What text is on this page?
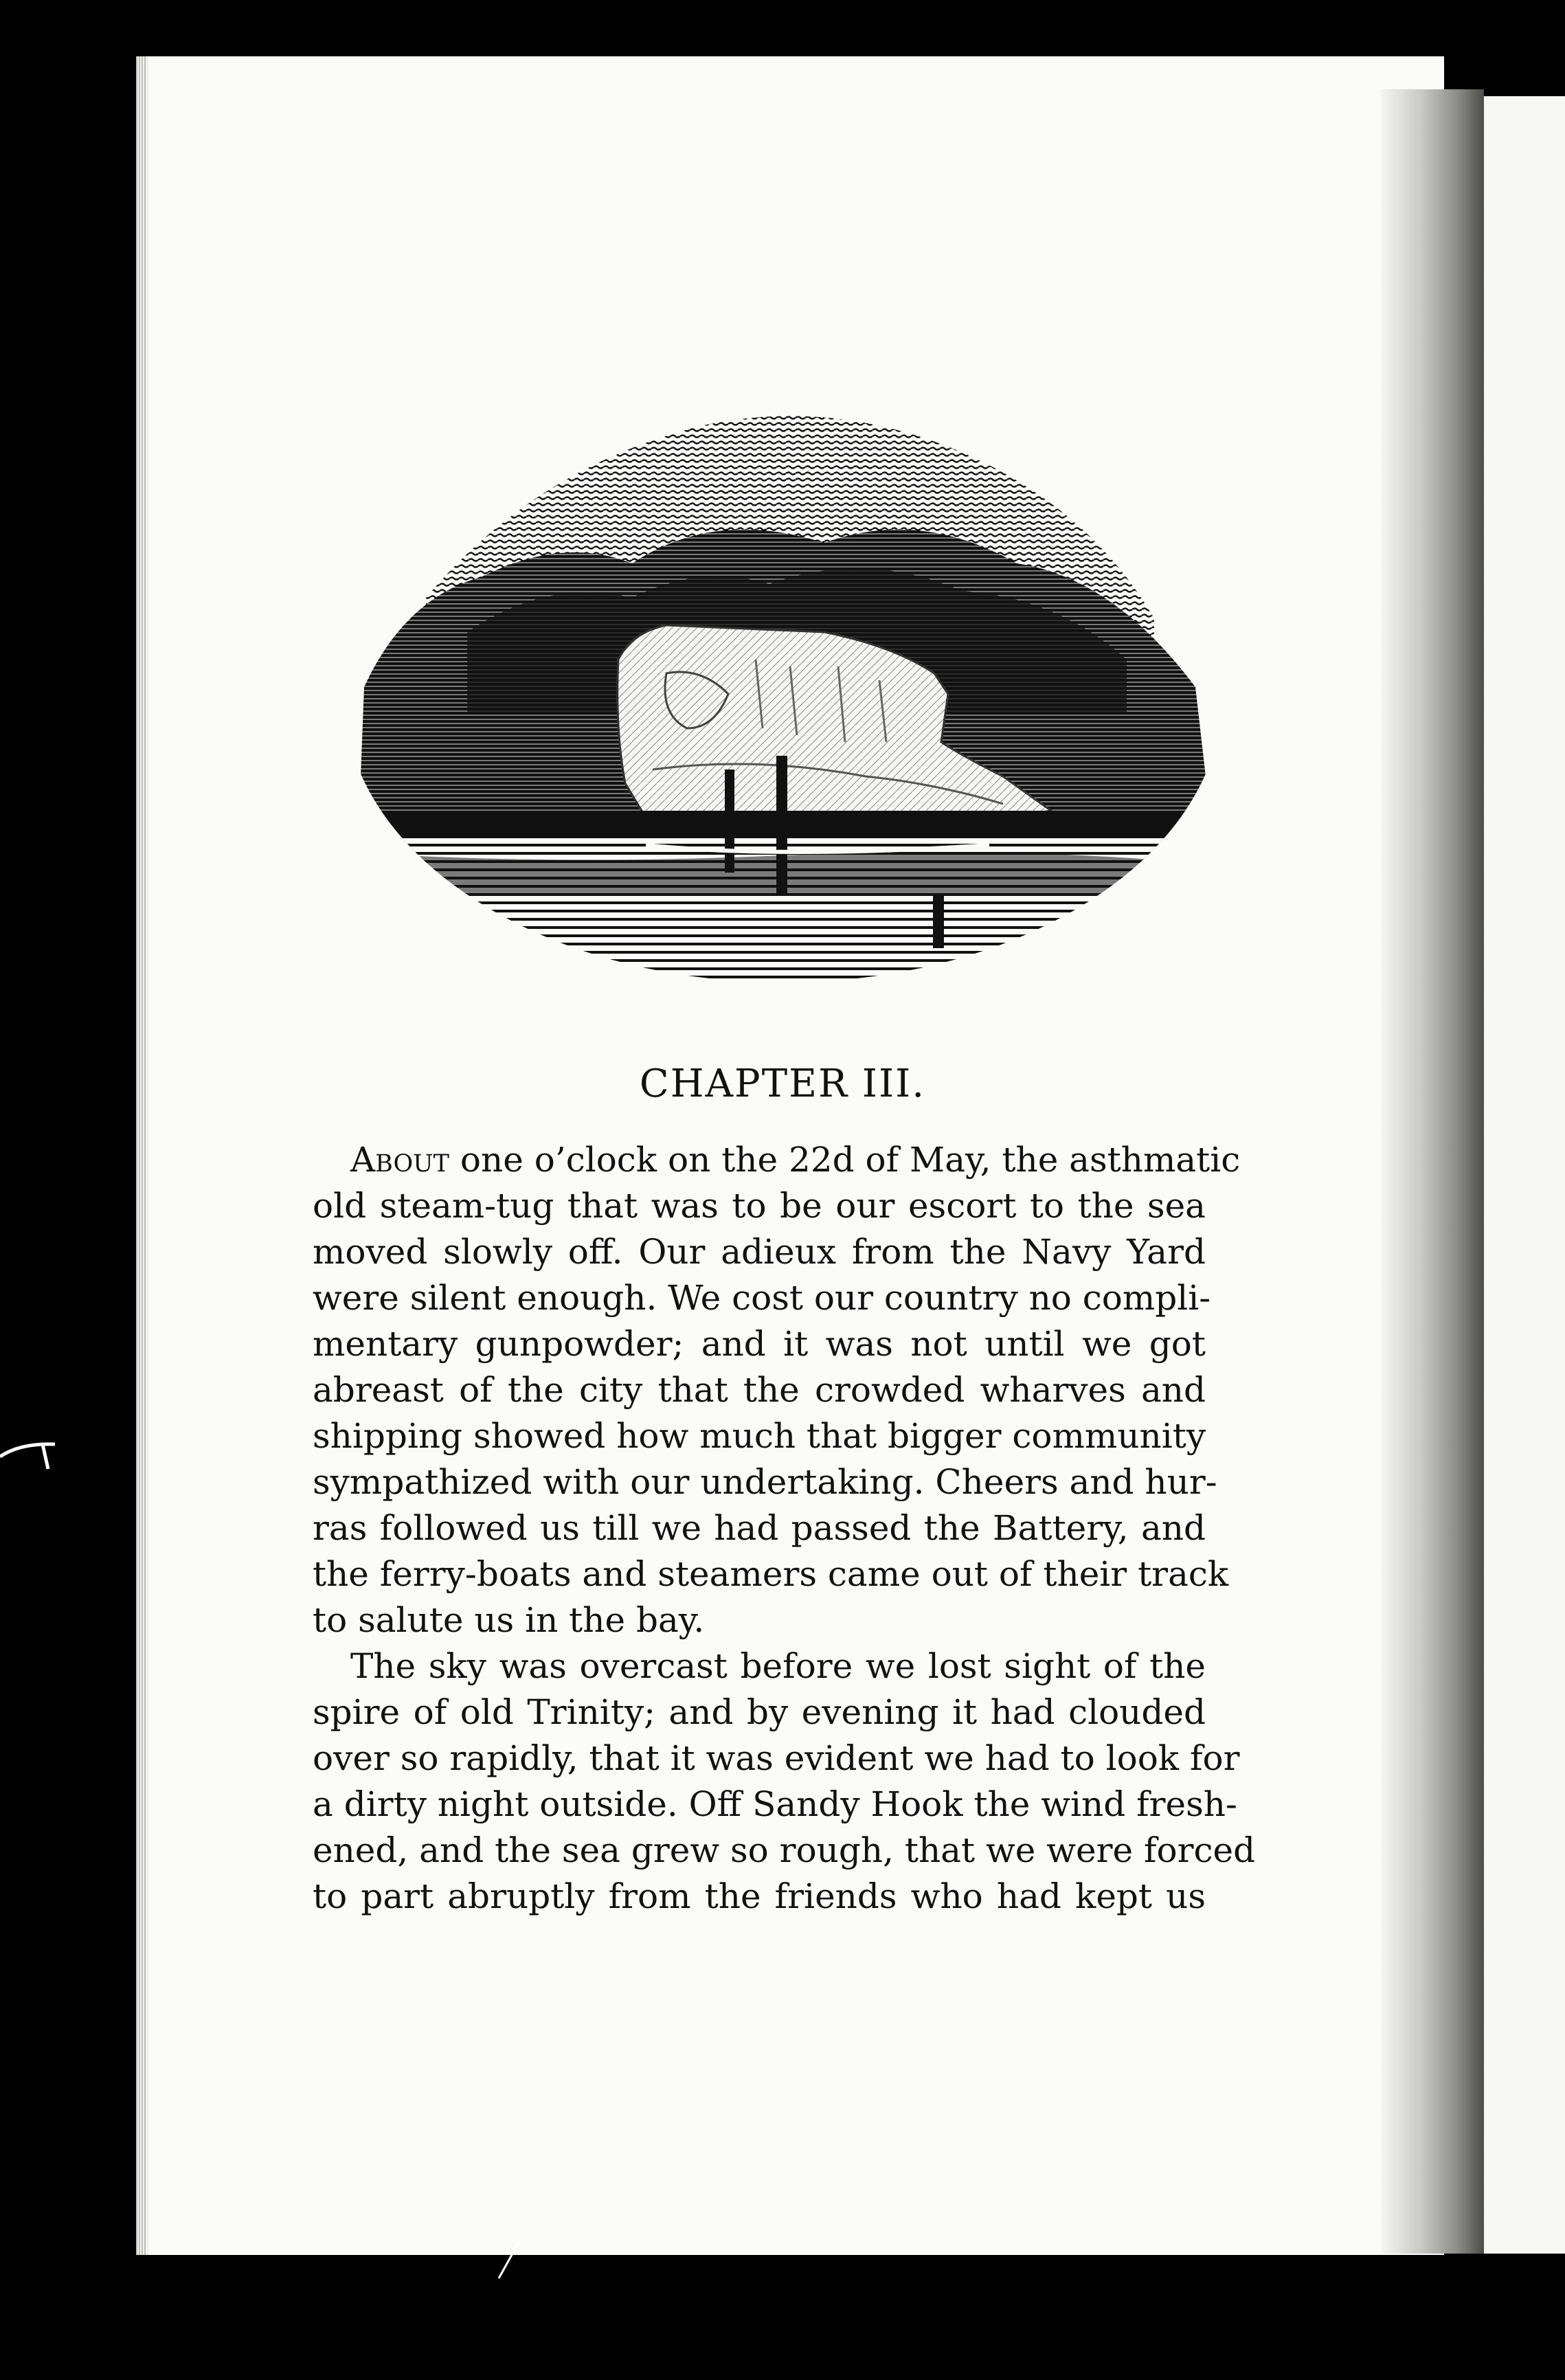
CHAPTER III.
About one o’clock on the 22d of May, the asthmatic
old steam-tug that was to be our escort to the sea
moved slowly off. Our adieux from the Navy Yard
were silent enough. We cost our country no compli-
mentary gunpowder; and it was not until we got
abreast of the city that the crowded wharves and
shipping showed how much that bigger community
sympathized with our undertaking. Cheers and hur-
ras followed us till we had passed the Battery, and
the ferry-boats and steamers came out of their track
to salute us in the bay.
The sky was overcast before we lost sight of the
spire of old Trinity; and by evening it had clouded
over so rapidly, that it was evident we had to look for
a dirty night outside. Off Sandy Hook the wind fresh-
ened, and the sea grew so rough, that we were forced
to part abruptly from the friends who had kept us
